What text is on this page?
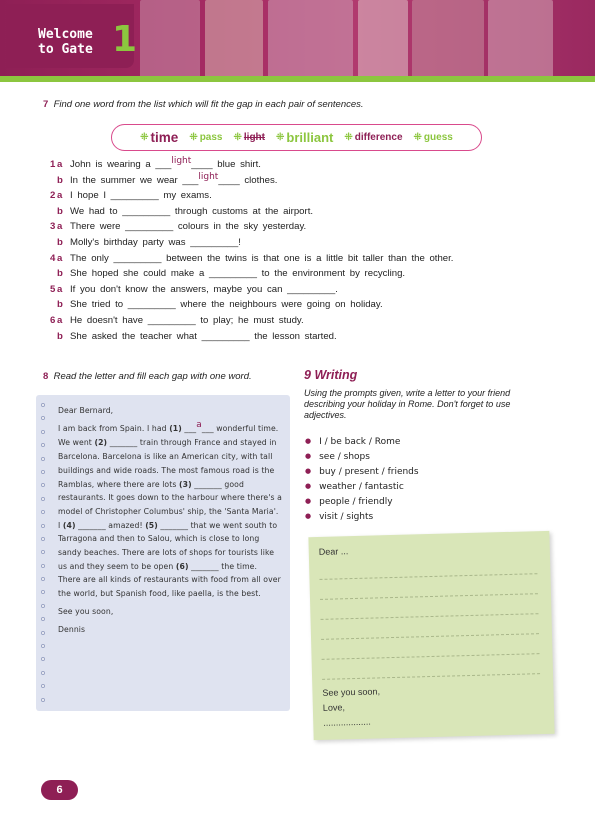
Welcome
to Gate 1
7 Find one word from the list which will fit the gap in each pair of sentences.
⁜ time ⁜ pass ⁜ light ⁜ brilliant ⁜ difference ⁜ guess
1 a John is wearing a ___light____ blue shirt.
b In the summer we wear ___light____ clothes.
2 a I hope I _________ my exams.
b We had to _________ through customs at the airport.
3 a There were _________ colours in the sky yesterday.
b Molly's birthday party was _________!
4 a The only _________ between the twins is that one is a little bit taller than the other.
b She hoped she could make a _________ to the environment by recycling.
5 a If you don't know the answers, maybe you can _________.
b She tried to _________ where the neighbours were going on holiday.
6 a He doesn't have _________ to play; he must study.
b She asked the teacher what _________ the lesson started.
8 Read the letter and fill each gap with one word.

Dear Bernard,

I am back from Spain. I had (1) ___a___ wonderful time. We went (2) _______ train through France and stayed in Barcelona. Barcelona is like an American city, with tall buildings and wide roads. The most famous road is the Ramblas, where there are lots (3) _______ good restaurants. It goes down to the harbour where there's a model of Christopher Columbus' ship, the 'Santa Maria'. I (4) _______ amazed! (5) _______ that we went south to Tarragona and then to Salou, which is close to long sandy beaches. There are lots of shops for tourists like us and they seem to be open (6) _______ the time. There are all kinds of restaurants with food from all over the world, but Spanish food, like paella, is the best.

See you soon,

Dennis

9 Writing
Using the prompts given, write a letter to your friend describing your holiday in Rome. Don't forget to use adjectives.
● I / be back / Rome
● see / shops
● buy / present / friends
● weather / fantastic
● people / friendly
● visit / sights
Dear ...
See you soon,
Love,
...................
6
